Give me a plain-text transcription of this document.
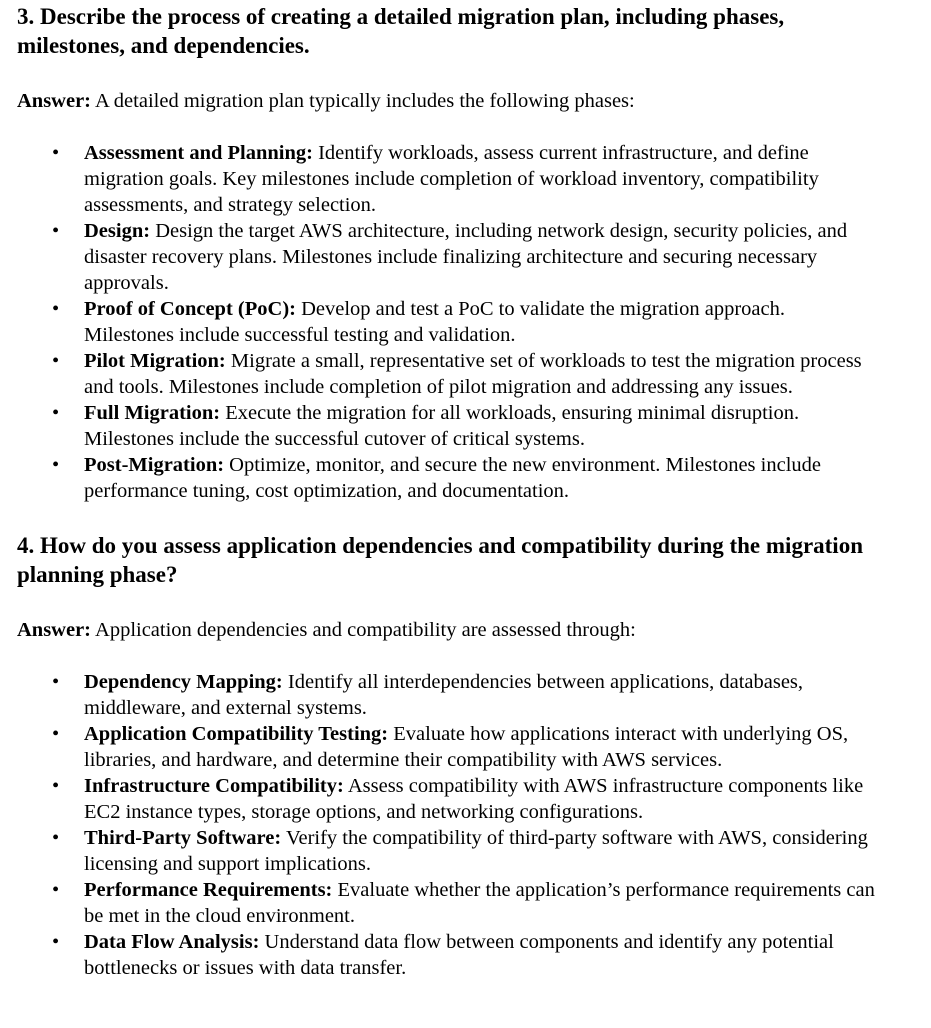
3. Describe the process of creating a detailed migration plan, including phases, milestones, and dependencies.

Answer: A detailed migration plan typically includes the following phases:

• Assessment and Planning: Identify workloads, assess current infrastructure, and define migration goals. Key milestones include completion of workload inventory, compatibility assessments, and strategy selection.
• Design: Design the target AWS architecture, including network design, security policies, and disaster recovery plans. Milestones include finalizing architecture and securing necessary approvals.
• Proof of Concept (PoC): Develop and test a PoC to validate the migration approach. Milestones include successful testing and validation.
• Pilot Migration: Migrate a small, representative set of workloads to test the migration process and tools. Milestones include completion of pilot migration and addressing any issues.
• Full Migration: Execute the migration for all workloads, ensuring minimal disruption. Milestones include the successful cutover of critical systems.
• Post-Migration: Optimize, monitor, and secure the new environment. Milestones include performance tuning, cost optimization, and documentation.
4. How do you assess application dependencies and compatibility during the migration planning phase?

Answer: Application dependencies and compatibility are assessed through:

• Dependency Mapping: Identify all interdependencies between applications, databases, middleware, and external systems.
• Application Compatibility Testing: Evaluate how applications interact with underlying OS, libraries, and hardware, and determine their compatibility with AWS services.
• Infrastructure Compatibility: Assess compatibility with AWS infrastructure components like EC2 instance types, storage options, and networking configurations.
• Third-Party Software: Verify the compatibility of third-party software with AWS, considering licensing and support implications.
• Performance Requirements: Evaluate whether the application’s performance requirements can be met in the cloud environment.
• Data Flow Analysis: Understand data flow between components and identify any potential bottlenecks or issues with data transfer.
